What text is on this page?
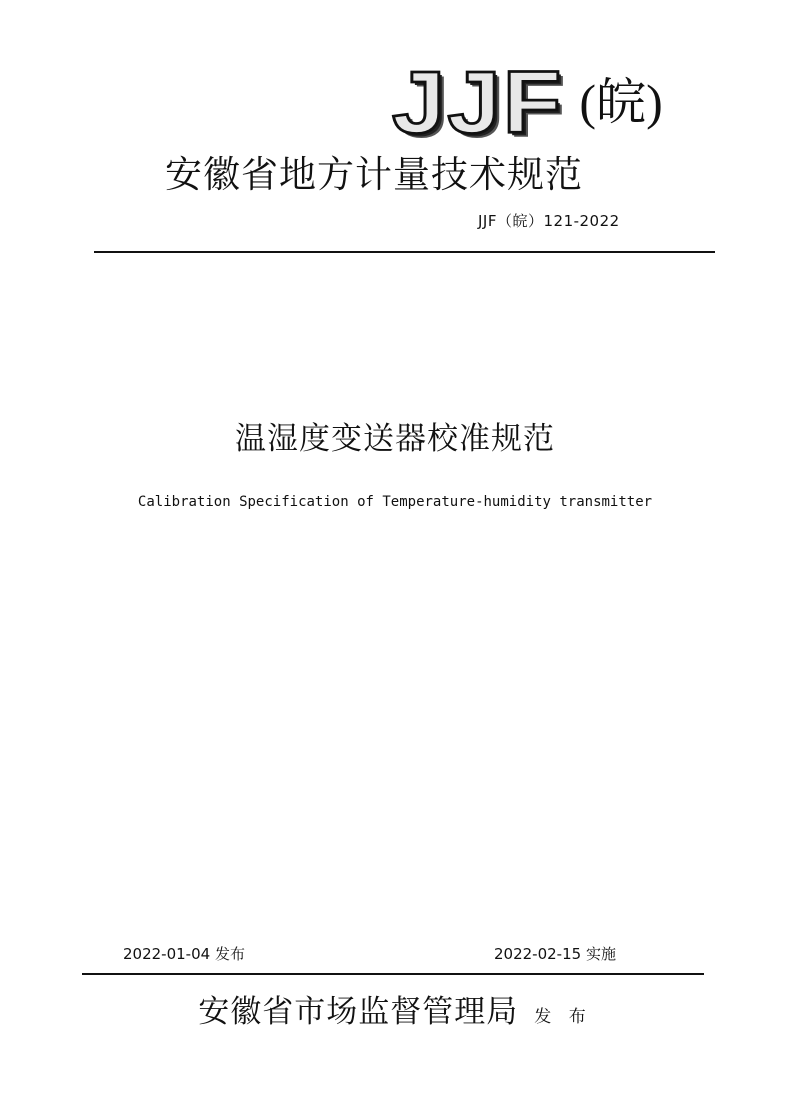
JJF (皖)
安徽省地方计量技术规范
JJF（皖）121-2022
温湿度变送器校准规范
Calibration Specification of Temperature-humidity transmitter
2022-01-04 发布	2022-02-15 实施
安徽省市场监督管理局 发 布
